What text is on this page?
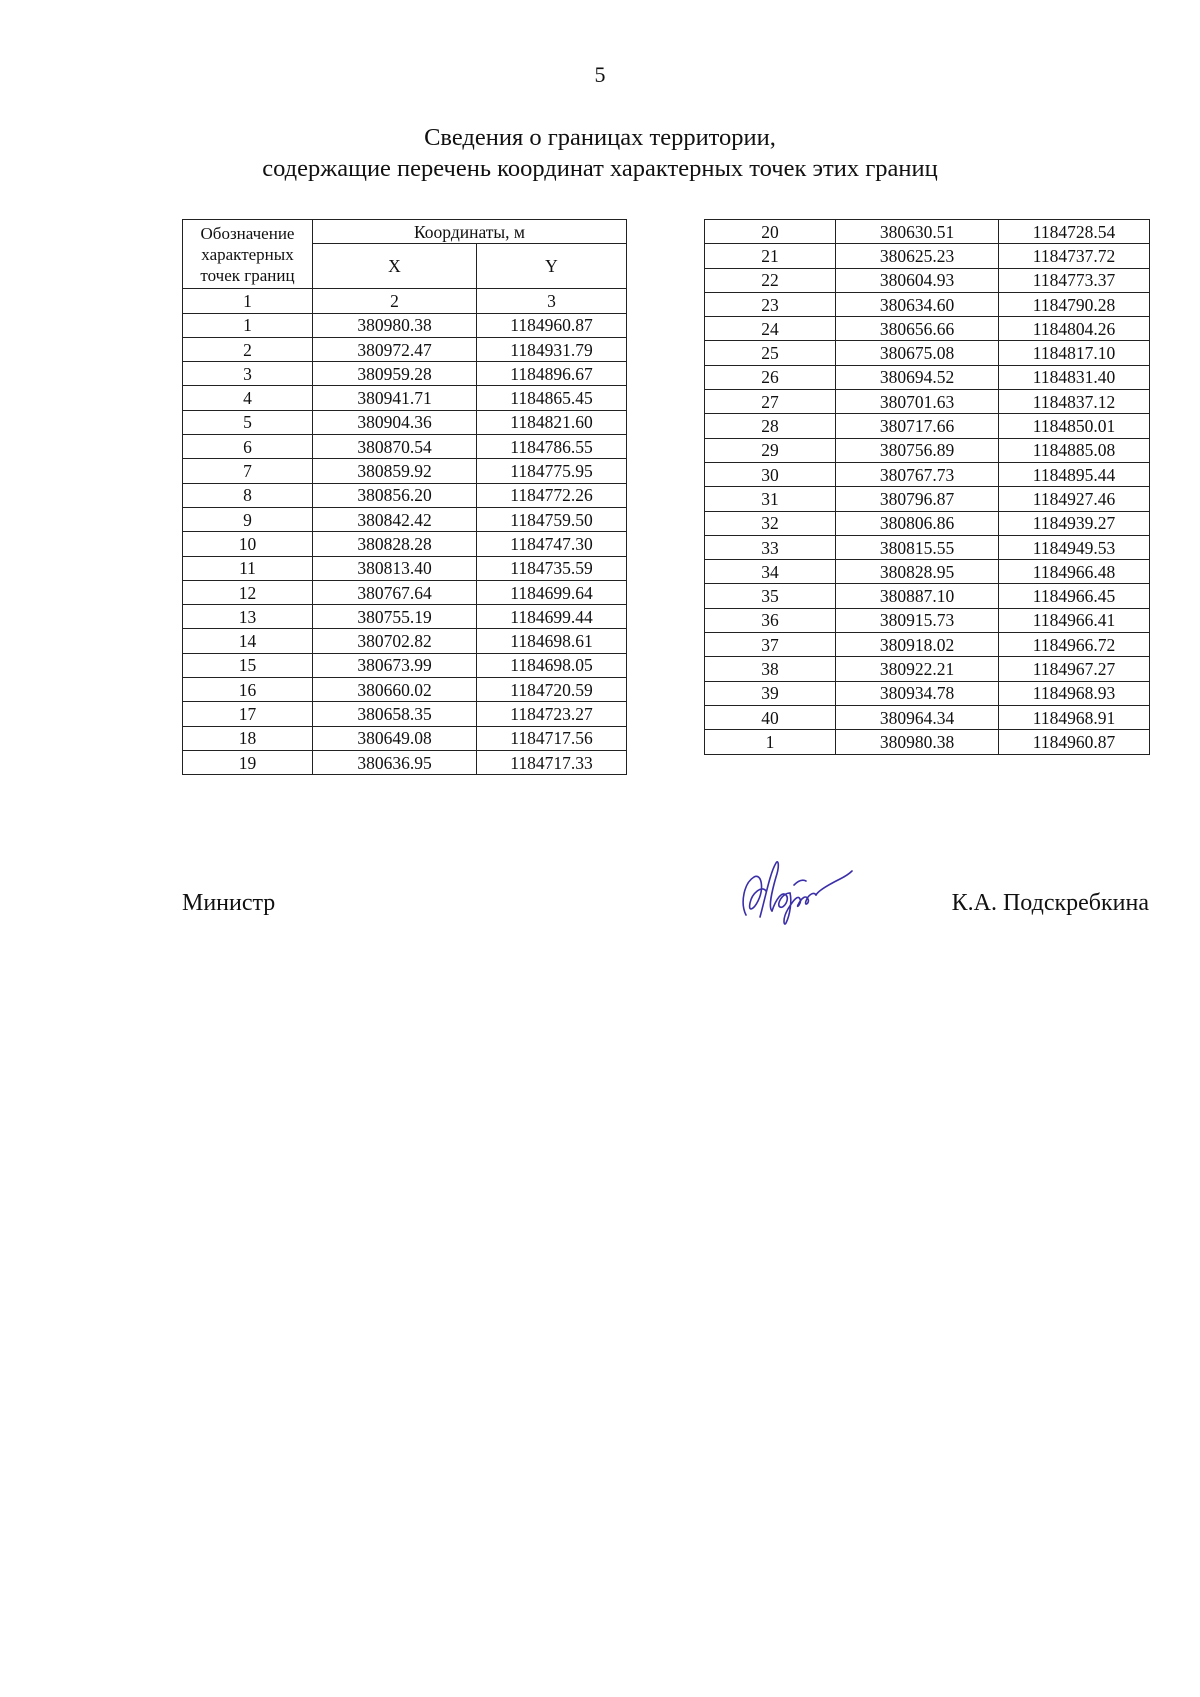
5
Сведения о границах территории,
содержащие перечень координат характерных точек этих границ
Обозначение характерных точек границ	Координаты, м	
	X	Y
1	2	3
1	380980.38	1184960.87
2	380972.47	1184931.79
3	380959.28	1184896.67
4	380941.71	1184865.45
5	380904.36	1184821.60
6	380870.54	1184786.55
7	380859.92	1184775.95
8	380856.20	1184772.26
9	380842.42	1184759.50
10	380828.28	1184747.30
11	380813.40	1184735.59
12	380767.64	1184699.64
13	380755.19	1184699.44
14	380702.82	1184698.61
15	380673.99	1184698.05
16	380660.02	1184720.59
17	380658.35	1184723.27
18	380649.08	1184717.56
19	380636.95	1184717.33
20	380630.51	1184728.54
21	380625.23	1184737.72
22	380604.93	1184773.37
23	380634.60	1184790.28
24	380656.66	1184804.26
25	380675.08	1184817.10
26	380694.52	1184831.40
27	380701.63	1184837.12
28	380717.66	1184850.01
29	380756.89	1184885.08
30	380767.73	1184895.44
31	380796.87	1184927.46
32	380806.86	1184939.27
33	380815.55	1184949.53
34	380828.95	1184966.48
35	380887.10	1184966.45
36	380915.73	1184966.41
37	380918.02	1184966.72
38	380922.21	1184967.27
39	380934.78	1184968.93
40	380964.34	1184968.91
1	380980.38	1184960.87
Министр	К.А. Подскребкина
